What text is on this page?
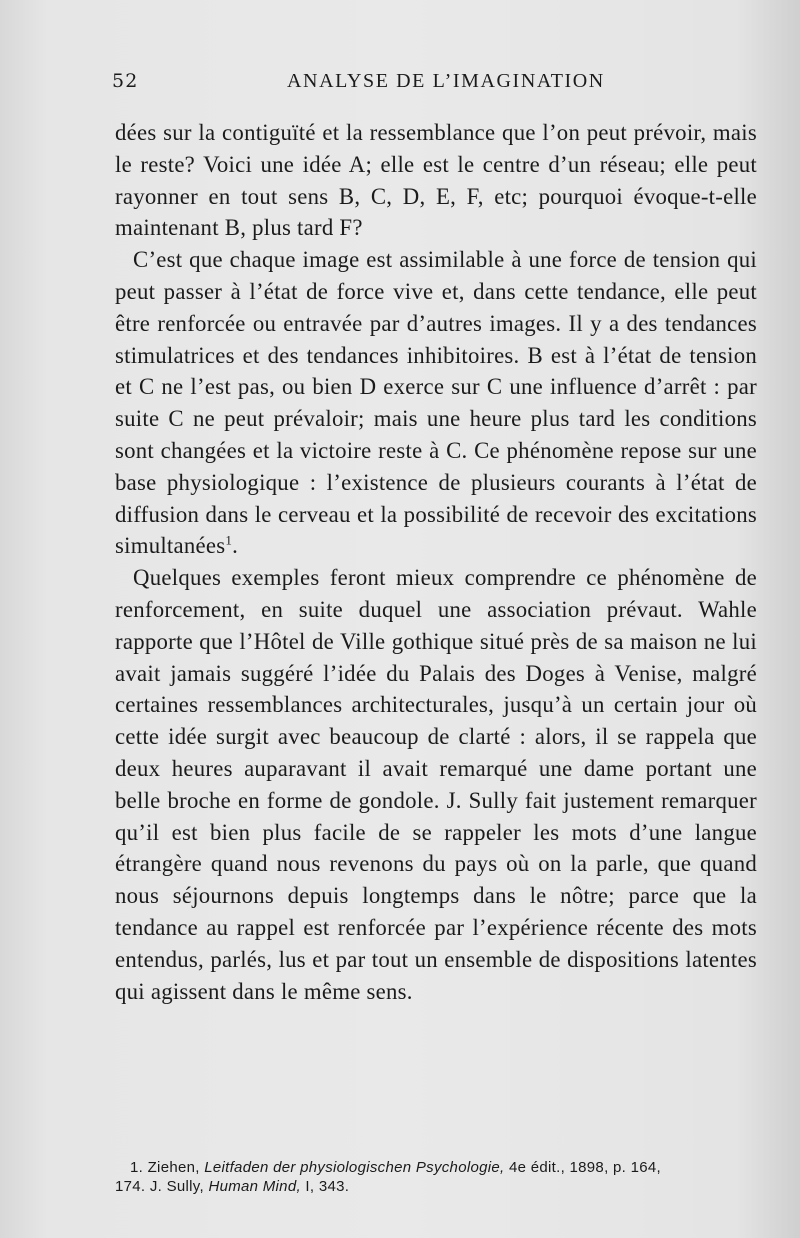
52	ANALYSE DE L’IMAGINATION

dées sur la contiguïté et la ressemblance que l’on peut prévoir, mais le reste? Voici une idée A; elle est le centre d’un réseau; elle peut rayonner en tout sens B, C, D, E, F, etc; pourquoi évoque-t-elle maintenant B, plus tard F?

C’est que chaque image est assimilable à une force de tension qui peut passer à l’état de force vive et, dans cette tendance, elle peut être renforcée ou entravée par d’autres images. Il y a des tendances stimulatrices et des tendances inhibitoires. B est à l’état de tension et C ne l’est pas, ou bien D exerce sur C une influence d’arrêt : par suite C ne peut prévaloir; mais une heure plus tard les conditions sont changées et la victoire reste à C. Ce phénomène repose sur une base physiologique : l’existence de plusieurs courants à l’état de diffusion dans le cerveau et la possibilité de recevoir des excitations simultanées$^1$.

Quelques exemples feront mieux comprendre ce phénomène de renforcement, en suite duquel une association prévaut. Wahle rapporte que l’Hôtel de Ville gothique situé près de sa maison ne lui avait jamais suggéré l’idée du Palais des Doges à Venise, malgré certaines ressemblances architecturales, jusqu’à un certain jour où cette idée surgit avec beaucoup de clarté : alors, il se rappela que deux heures auparavant il avait remarqué une dame portant une belle broche en forme de gondole. J. Sully fait justement remarquer qu’il est bien plus facile de se rappeler les mots d’une langue étrangère quand nous revenons du pays où on la parle, que quand nous séjournons depuis longtemps dans le nôtre; parce que la tendance au rappel est renforcée par l’expérience récente des mots entendus, parlés, lus et par tout un ensemble de dispositions latentes qui agissent dans le même sens.

1. Ziehen, Leitfaden der physiologischen Psychologie, 4e édit., 1898, p. 164,
174. J. Sully, Human Mind, I, 343.
